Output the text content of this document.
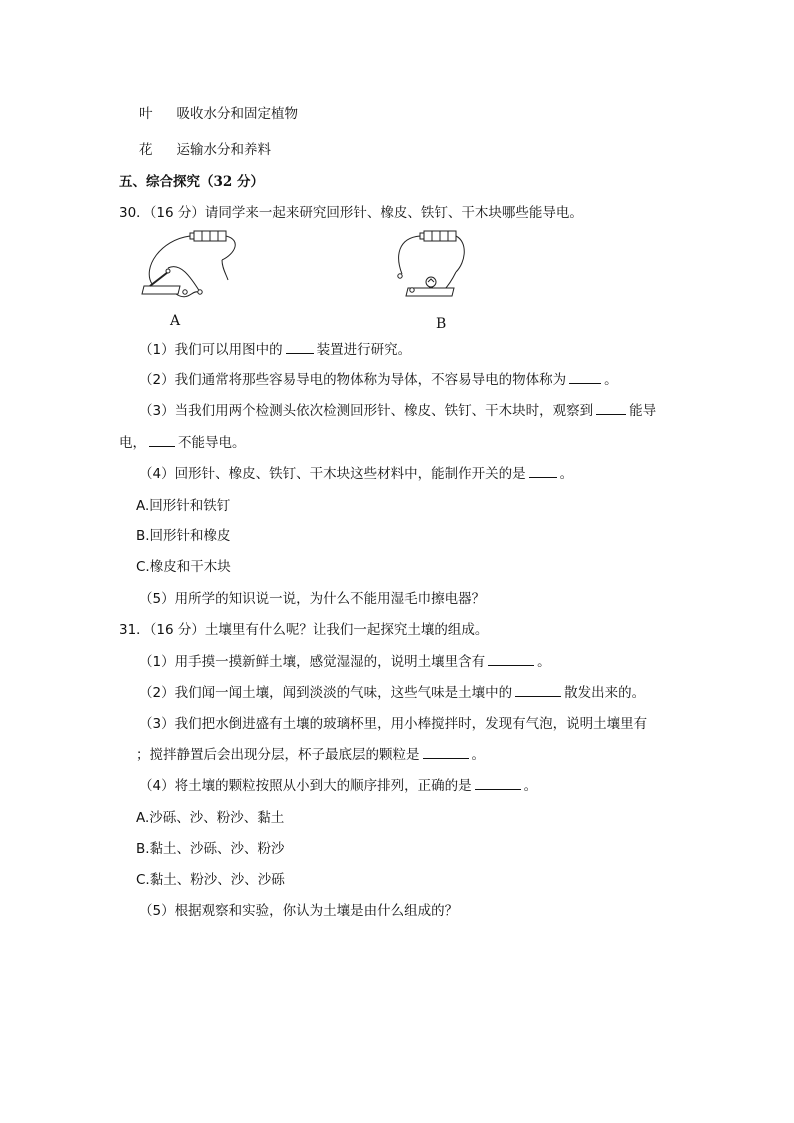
叶 吸收水分和固定植物
花 运输水分和养料
五、综合探究（32 分）
30．（16 分）请同学来一起来研究回形针、橡皮、铁钉、干木块哪些能导电。
A	B
（1）我们可以用图中的	装置进行研究。
（2）我们通常将那些容易导电的物体称为导体，不容易导电的物体称为	。
（3）当我们用两个检测头依次检测回形针、橡皮、铁钉、干木块时，观察到	能导
电， 不能导电。
（4）回形针、橡皮、铁钉、干木块这些材料中，能制作开关的是	。
A.回形针和铁钉
B.回形针和橡皮
C.橡皮和干木块
（5）用所学的知识说一说，为什么不能用湿毛巾擦电器？
31．（16 分）土壤里有什么呢？让我们一起探究土壤的组成。
（1）用手摸一摸新鲜土壤，感觉湿湿的，说明土壤里含有	。
（2）我们闻一闻土壤，闻到淡淡的气味，这些气味是土壤中的	散发出来的。
（3）我们把水倒进盛有土壤的玻璃杯里，用小棒搅拌时，发现有气泡，说明土壤里有
；搅拌静置后会出现分层，杯子最底层的颗粒是	。
（4）将土壤的颗粒按照从小到大的顺序排列，正确的是	。
A.沙砾、沙、粉沙、黏土
B.黏土、沙砾、沙、粉沙
C.黏土、粉沙、沙、沙砾
（5）根据观察和实验，你认为土壤是由什么组成的？
